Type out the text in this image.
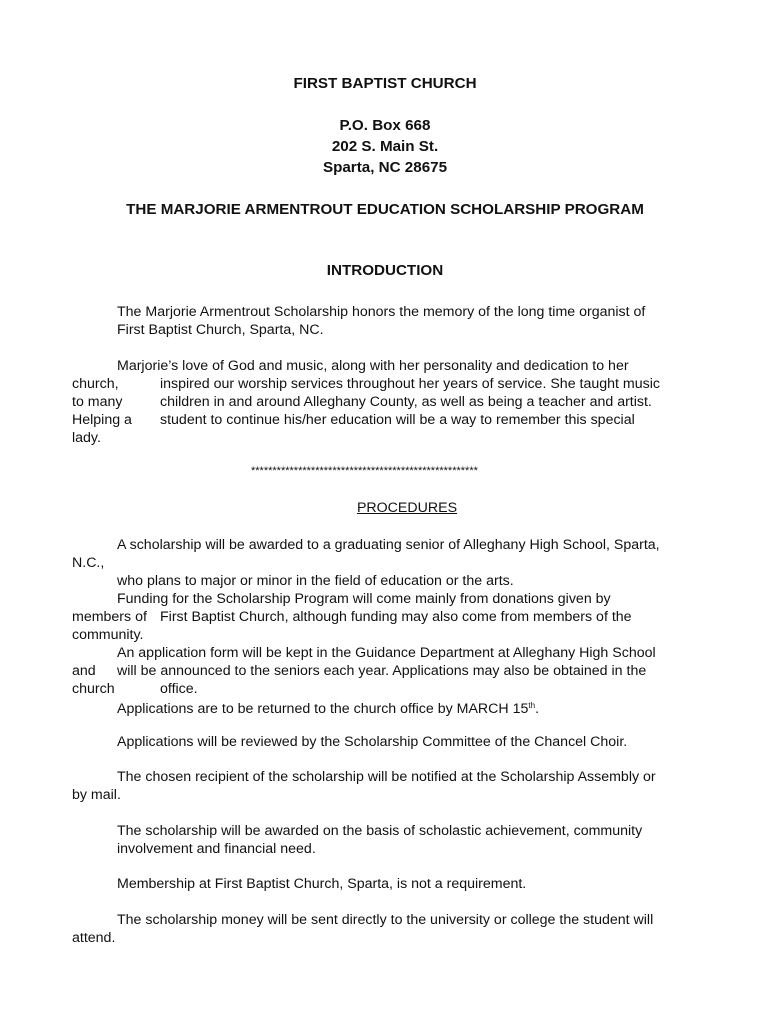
FIRST BAPTIST CHURCH

P.O. Box 668

202 S. Main St.

Sparta, NC 28675

THE MARJORIE ARMENTROUT EDUCATION SCHOLARSHIP PROGRAM

INTRODUCTION

The Marjorie Armentrout Scholarship honors the memory of the long time organist of

First Baptist Church, Sparta, NC.

Marjorie’s love of God and music, along with her personality and dedication to her

church,	inspired our worship services throughout her years of service. She taught music

to many	children in and around Alleghany County, as well as being a teacher and artist.

Helping a student to continue his/her education will be a way to remember this special

lady.

*****************************************************

PROCEDURES

A scholarship will be awarded to a graduating senior of Alleghany High School, Sparta,

N.C.,

who plans to major or minor in the field of education or the arts.

Funding for the Scholarship Program will come mainly from donations given by

members of First Baptist Church, although funding may also come from members of the

community.

An application form will be kept in the Guidance Department at Alleghany High School

and will be announced to the seniors each year. Applications may also be obtained in the

church	office.

Applications are to be returned to the church office by MARCH 15th.

Applications will be reviewed by the Scholarship Committee of the Chancel Choir.

The chosen recipient of the scholarship will be notified at the Scholarship Assembly or

by mail.

The scholarship will be awarded on the basis of scholastic achievement, community

involvement and financial need.

Membership at First Baptist Church, Sparta, is not a requirement.

The scholarship money will be sent directly to the university or college the student will

attend.
